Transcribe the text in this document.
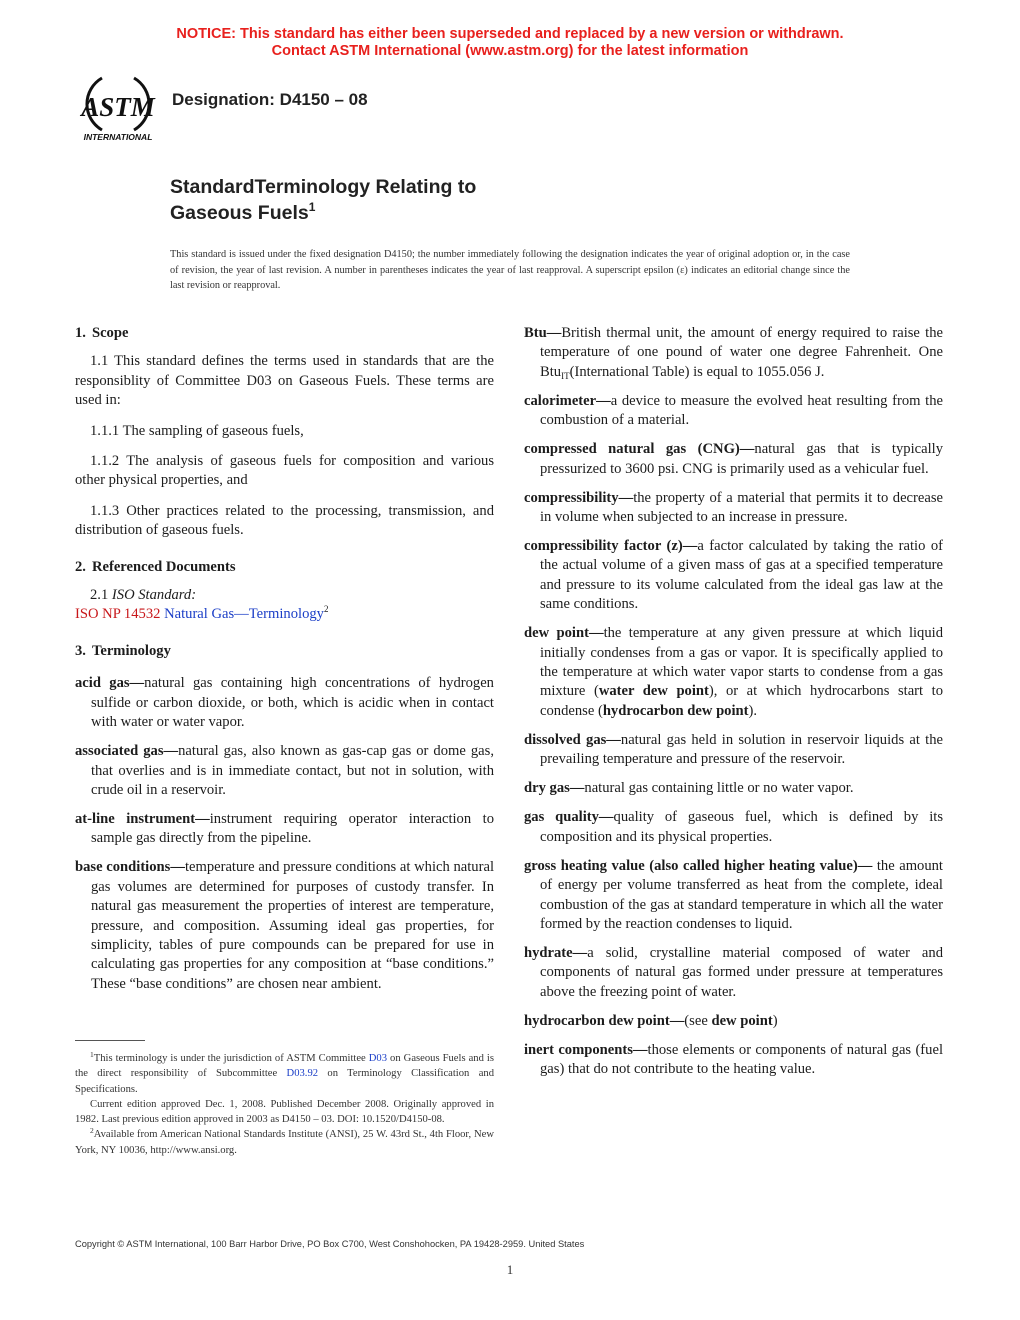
NOTICE: This standard has either been superseded and replaced by a new version or withdrawn.
Contact ASTM International (www.astm.org) for the latest information
ASTM
INTERNATIONAL
Designation: D4150 – 08
StandardTerminology Relating to
Gaseous Fuels$^1$
This standard is issued under the fixed designation D4150; the number immediately following the designation indicates the year of original adoption or, in the case of revision, the year of last revision. A number in parentheses indicates the year of last reapproval. A superscript epsilon (ε) indicates an editorial change since the last revision or reapproval.

1. Scope

1.1 This standard defines the terms used in standards that are the responsiblity of Committee D03 on Gaseous Fuels. These terms are used in:

1.1.1 The sampling of gaseous fuels,

1.1.2 The analysis of gaseous fuels for composition and various other physical properties, and

1.1.3 Other practices related to the processing, transmission, and distribution of gaseous fuels.

2. Referenced Documents

2.1 ISO Standard:

ISO NP 14532 Natural Gas—Terminology$^2$

3. Terminology

acid gas—natural gas containing high concentrations of hydrogen sulfide or carbon dioxide, or both, which is acidic when in contact with water or water vapor.

associated gas—natural gas, also known as gas-cap gas or dome gas, that overlies and is in immediate contact, but not in solution, with crude oil in a reservoir.

at-line instrument—instrument requiring operator interaction to sample gas directly from the pipeline.

base conditions—temperature and pressure conditions at which natural gas volumes are determined for purposes of custody transfer. In natural gas measurement the properties of interest are temperature, pressure, and composition. Assuming ideal gas properties, for simplicity, tables of pure compounds can be prepared for use in calculating gas properties for any composition at “base conditions.” These “base conditions” are chosen near ambient.

Btu—British thermal unit, the amount of energy required to raise the temperature of one pound of water one degree Fahrenheit. One Btu$_{IT}$(International Table) is equal to 1055.056 J.

calorimeter—a device to measure the evolved heat resulting from the combustion of a material.

compressed natural gas (CNG)—natural gas that is typically pressurized to 3600 psi. CNG is primarily used as a vehicular fuel.

compressibility—the property of a material that permits it to decrease in volume when subjected to an increase in pressure.

compressibility factor (z)—a factor calculated by taking the ratio of the actual volume of a given mass of gas at a specified temperature and pressure to its volume calculated from the ideal gas law at the same conditions.

dew point—the temperature at any given pressure at which liquid initially condenses from a gas or vapor. It is specifically applied to the temperature at which water vapor starts to condense from a gas mixture (water dew point), or at which hydrocarbons start to condense (hydrocarbon dew point).

dissolved gas—natural gas held in solution in reservoir liquids at the prevailing temperature and pressure of the reservoir.

dry gas—natural gas containing little or no water vapor.

gas quality—quality of gaseous fuel, which is defined by its composition and its physical properties.

gross heating value (also called higher heating value)— the amount of energy per volume transferred as heat from the complete, ideal combustion of the gas at standard temperature in which all the water formed by the reaction condenses to liquid.

hydrate—a solid, crystalline material composed of water and components of natural gas formed under pressure at temperatures above the freezing point of water.

hydrocarbon dew point—(see dew point)

inert components—those elements or components of natural gas (fuel gas) that do not contribute to the heating value.

$^1$This terminology is under the jurisdiction of ASTM Committee D03 on Gaseous Fuels and is the direct responsibility of Subcommittee D03.92 on Terminology Classification and Specifications.

Current edition approved Dec. 1, 2008. Published December 2008. Originally approved in 1982. Last previous edition approved in 2003 as D4150 – 03. DOI: 10.1520/D4150-08.

$^2$Available from American National Standards Institute (ANSI), 25 W. 43rd St., 4th Floor, New York, NY 10036, http://www.ansi.org.

Copyright © ASTM International, 100 Barr Harbor Drive, PO Box C700, West Conshohocken, PA 19428-2959. United States
1
